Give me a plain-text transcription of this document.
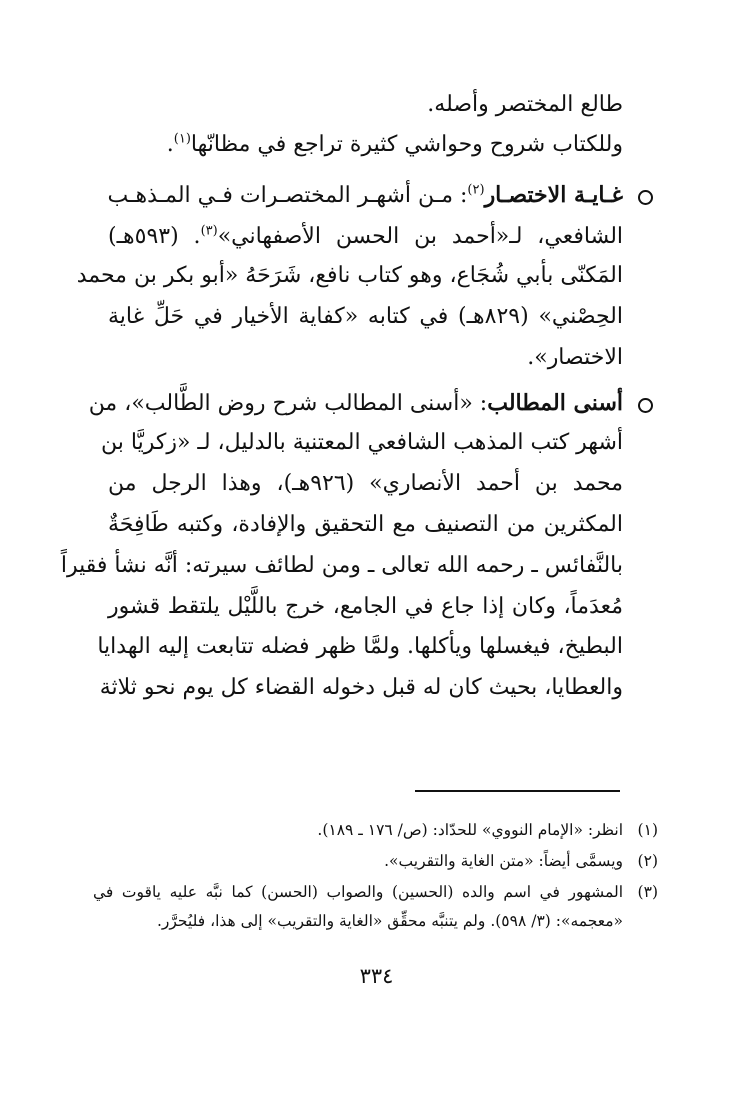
طالع المختصر وأصله.
وللكتاب شروح وحواشي كثيرة تراجع في مظانّها$^{(١)}$.
غـايـة الاختصـار$^{(٢)}$: مـن أشهـر المختصـرات فـي المـذهـب
الشافعي، لـ«أحمد بن الحسن الأصفهاني»$^{(٣)}$. (٥٩٣هـ)
المَكنّى بأبي شُجَاع، وهو كتاب نافع، شَرَحَهُ «أبو بكر بن محمد
الحِصْني» (٨٢٩هـ) في كتابه «كفاية الأخيار في حَلِّ غاية
الاختصار».
أسنى المطالب: «أسنى المطالب شرح روض الطَّالب»، من
أشهر كتب المذهب الشافعي المعتنية بالدليل، لـ «زكريَّا بن
محمد بن أحمد الأنصاري» (٩٢٦هـ)، وهذا الرجل من
المكثرين من التصنيف مع التحقيق والإفادة، وكتبه طَافِحَةٌ
بالنَّفائس ـ رحمه الله تعالى ـ ومن لطائف سيرته: أنَّه نشأ فقيراً
مُعدَماً، وكان إذا جاع في الجامع، خرج باللَّيْل يلتقط قشور
البطيخ، فيغسلها ويأكلها. ولمَّا ظهر فضله تتابعت إليه الهدايا
والعطايا، بحيث كان له قبل دخوله القضاء كل يوم نحو ثلاثة
(١)
انظر: «الإمام النووي» للحدّاد: (ص/ ١٧٦ ـ ١٨٩).
(٢)
ويسمَّى أيضاً: «متن الغاية والتقريب».
(٣)
المشهور في اسم والده (الحسين) والصواب (الحسن) كما نبَّه عليه ياقوت في
«معجمه»: (٣/ ٥٩٨). ولم يتنبَّه محقِّق «الغاية والتقريب» إلى هذا، فليُحرَّر.
٣٣٤
